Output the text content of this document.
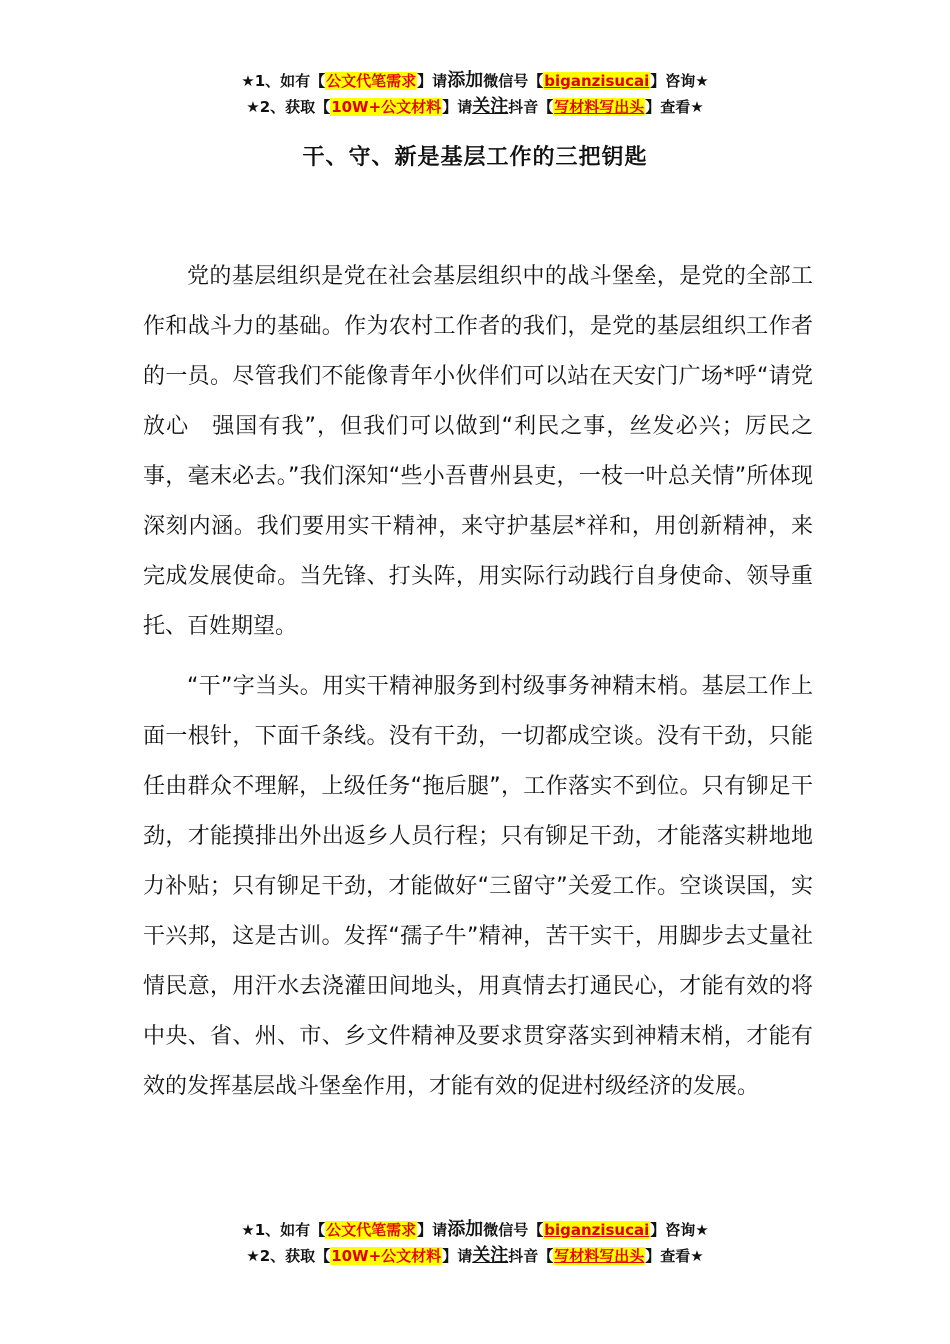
★1、如有【公文代笔需求】请添加微信号【biganzisucai】咨询★
★2、获取【10W+公文材料】请关注抖音【写材料写出头】查看★
干、守、新是基层工作的三把钥匙

党的基层组织是党在社会基层组织中的战斗堡垒，是党的全部工作和战斗力的基础。作为农村工作者的我们，是党的基层组织工作者的一员。尽管我们不能像青年小伙伴们可以站在天安门广场*呼“请党放心　强国有我”，但我们可以做到“利民之事，丝发必兴；厉民之事，毫末必去。”我们深知“些小吾曹州县吏，一枝一叶总关情”所体现深刻内涵。我们要用实干精神，来守护基层*祥和，用创新精神，来完成发展使命。当先锋、打头阵，用实际行动践行自身使命、领导重托、百姓期望。

“干”字当头。用实干精神服务到村级事务神精末梢。基层工作上面一根针，下面千条线。没有干劲，一切都成空谈。没有干劲，只能任由群众不理解，上级任务“拖后腿”，工作落实不到位。只有铆足干劲，才能摸排出外出返乡人员行程；只有铆足干劲，才能落实耕地地力补贴；只有铆足干劲，才能做好“三留守”关爱工作。空谈误国，实干兴邦，这是古训。发挥“孺子牛”精神，苦干实干，用脚步去丈量社情民意，用汗水去浇灌田间地头，用真情去打通民心，才能有效的将中央、省、州、市、乡文件精神及要求贯穿落实到神精末梢，才能有效的发挥基层战斗堡垒作用，才能有效的促进村级经济的发展。

★1、如有【公文代笔需求】请添加微信号【biganzisucai】咨询★
★2、获取【10W+公文材料】请关注抖音【写材料写出头】查看★
